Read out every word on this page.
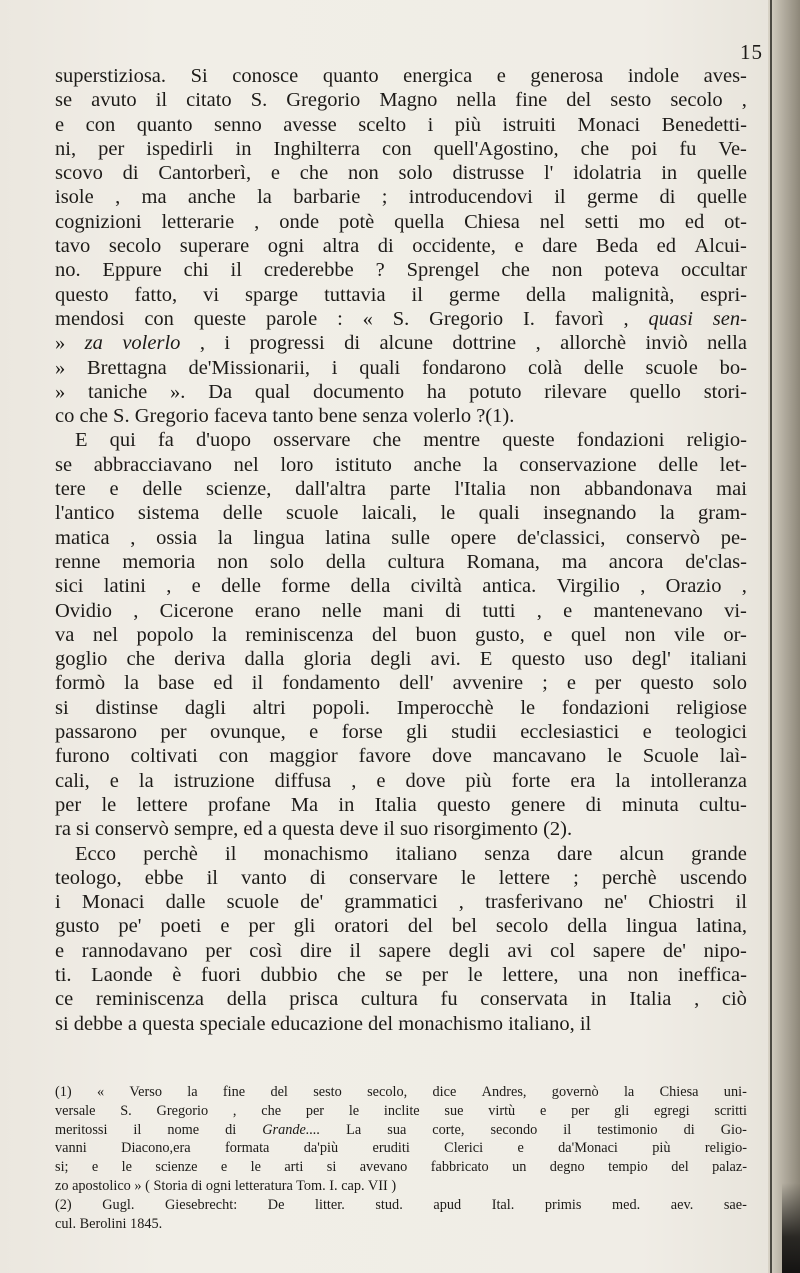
15
superstiziosa. Si conosce quanto energica e generosa indole aves-
se avuto il citato S. Gregorio Magno nella fine del sesto secolo ,
e con quanto senno avesse scelto i più istruiti Monaci Benedetti-
ni, per ispedirli in Inghilterra con quell'Agostino, che poi fu Ve-
scovo di Cantorberì, e che non solo distrusse l' idolatria in quelle
isole , ma anche la barbarie ; introducendovi il germe di quelle
cognizioni letterarie , onde potè quella Chiesa nel setti mo ed ot-
tavo secolo superare ogni altra di occidente, e dare Beda ed Alcui-
no. Eppure chi il crederebbe ? Sprengel che non poteva occultar
questo fatto, vi sparge tuttavia il germe della malignità, espri-
mendosi con queste parole : « S. Gregorio I. favorì , quasi sen-
» za volerlo , i progressi di alcune dottrine , allorchè inviò nella
» Brettagna de'Missionarii, i quali fondarono colà delle scuole bo-
» taniche ». Da qual documento ha potuto rilevare quello stori-
co che S. Gregorio faceva tanto bene senza volerlo ?(1).
E qui fa d'uopo osservare che mentre queste fondazioni religio-
se abbracciavano nel loro istituto anche la conservazione delle let-
tere e delle scienze, dall'altra parte l'Italia non abbandonava mai
l'antico sistema delle scuole laicali, le quali insegnando la gram-
matica , ossia la lingua latina sulle opere de'classici, conservò pe-
renne memoria non solo della cultura Romana, ma ancora de'clas-
sici latini , e delle forme della civiltà antica. Virgilio , Orazio ,
Ovidio , Cicerone erano nelle mani di tutti , e mantenevano vi-
va nel popolo la reminiscenza del buon gusto, e quel non vile or-
goglio che deriva dalla gloria degli avi. E questo uso degl' italiani
formò la base ed il fondamento dell' avvenire ; e per questo solo
si distinse dagli altri popoli. Imperocchè le fondazioni religiose
passarono per ovunque, e forse gli studii ecclesiastici e teologici
furono coltivati con maggior favore dove mancavano le Scuole laì-
cali, e la istruzione diffusa , e dove più forte era la intolleranza
per le lettere profane Ma in Italia questo genere di minuta cultu-
ra si conservò sempre, ed a questa deve il suo risorgimento (2).
Ecco perchè il monachismo italiano senza dare alcun grande
teologo, ebbe il vanto di conservare le lettere ; perchè uscendo
i Monaci dalle scuole de' grammatici , trasferivano ne' Chiostri il
gusto pe' poeti e per gli oratori del bel secolo della lingua latina,
e rannodavano per così dire il sapere degli avi col sapere de' nipo-
ti. Laonde è fuori dubbio che se per le lettere, una non ineffica-
ce reminiscenza della prisca cultura fu conservata in Italia , ciò
si debbe a questa speciale educazione del monachismo italiano, il
(1) « Verso la fine del sesto secolo, dice Andres, governò la Chiesa uni-
versale S. Gregorio , che per le inclite sue virtù e per gli egregi scritti
meritossi il nome di Grande.... La sua corte, secondo il testimonio di Gio-
vanni Diacono,era formata da'più eruditi Clerici e da'Monaci più religio-
si; e le scienze e le arti si avevano fabbricato un degno tempio del palaz-
zo apostolico » ( Storia di ogni letteratura Tom. I. cap. VII )
(2) Gugl. Giesebrecht: De litter. stud. apud Ital. primis med. aev. sae-
cul. Berolini 1845.
